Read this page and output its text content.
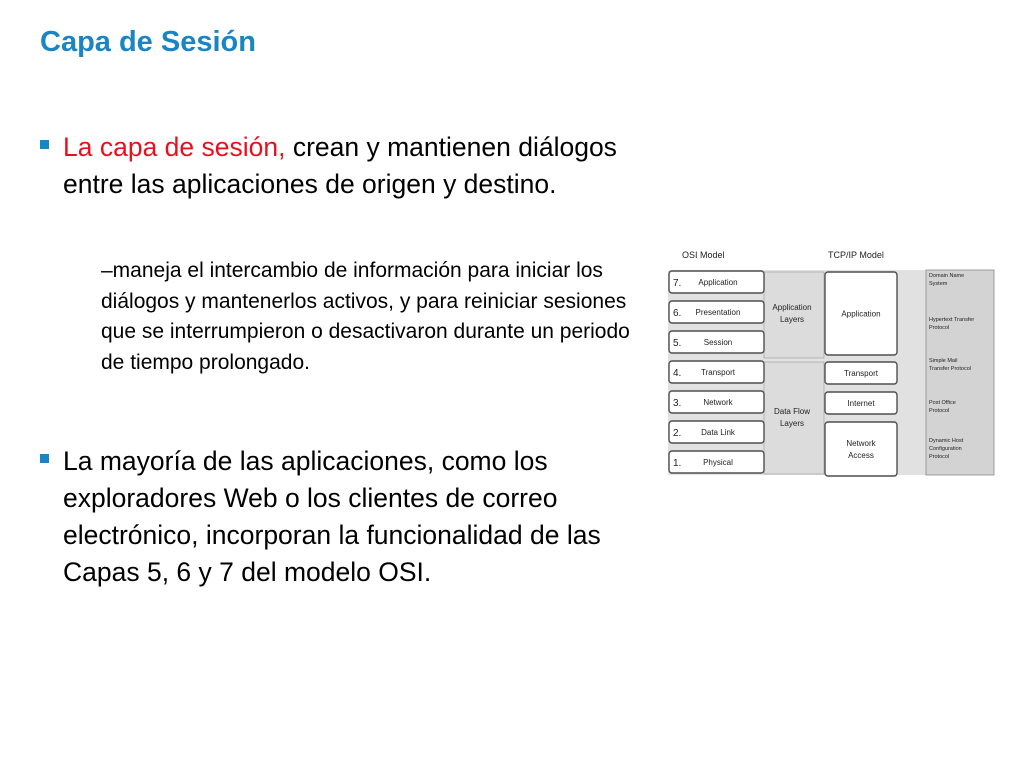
Capa de Sesión
La capa de sesión, crean y mantienen diálogos entre las aplicaciones de origen y destino.
–maneja el intercambio de información para iniciar los diálogos y mantenerlos activos, y para reiniciar sesiones que se interrumpieron o desactivaron durante un periodo de tiempo prolongado.
La mayoría de las aplicaciones, como los exploradores Web o los clientes de correo electrónico, incorporan la funcionalidad de las Capas 5, 6 y 7 del modelo OSI.
OSI Model	TCP/IP Model
Application
Layers
Data Flow
Layers
7. Application
6. Presentation
5.	Session
4. Transport
3.	Network
2. Data Link
1.	Physical
Application
Transport
Internet
Network
Access
Domain Name
System
Hypertext Transfer
Protocol
Simple Mail
Transfer Protocol
Post Office
Protocol
Dynamic Host
Configuration
Protocol
